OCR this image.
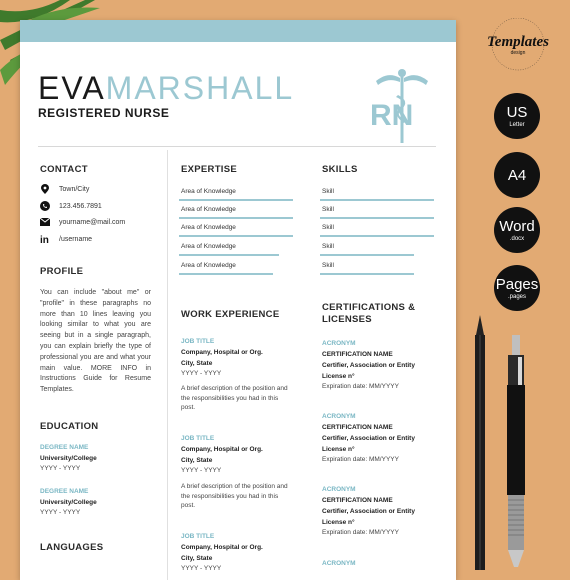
EVAMARSHALL
REGISTERED NURSE	RN
CONTACT
Town/City
123.456.7891
yourname@mail.com
in /username
PROFILE
You can include "about me" or "profile" in these paragraphs no more than 10 lines leaving you looking similar to what you are seeing but in a single paragraph, you can explain briefly the type of professional you are and what your main value. MORE INFO in Instructions Guide for Resume Templates.
EDUCATION
DEGREE NAME
University/College
YYYY - YYYY
DEGREE NAME
University/College
YYYY - YYYY
LANGUAGES
EXPERTISE
Area of Knowledge
Area of Knowledge
Area of Knowledge
Area of Knowledge
Area of Knowledge
SKILLS
Skill
Skill
Skill
Skill
Skill
WORK EXPERIENCE
JOB TITLE
Company, Hospital or Org.
City, State
YYYY - YYYY
A brief description of the position and the responsibilities you had in this post.
JOB TITLE
Company, Hospital or Org.
City, State
YYYY - YYYY
A brief description of the position and the responsibilities you had in this post.
JOB TITLE
Company, Hospital or Org.
City, State
YYYY - YYYY
CERTIFICATIONS &
LICENSES
ACRONYM
CERTIFICATION NAME
Certifier, Association or Entity
License n°
Expiration date: MM/YYYY
ACRONYM
CERTIFICATION NAME
Certifier, Association or Entity
License n°
Expiration date: MM/YYYY
ACRONYM
CERTIFICATION NAME
Certifier, Association or Entity
License n°
Expiration date: MM/YYYY
ACRONYM
Templates
design
US
Letter
A4
Word
.docx
Pages
.pages
